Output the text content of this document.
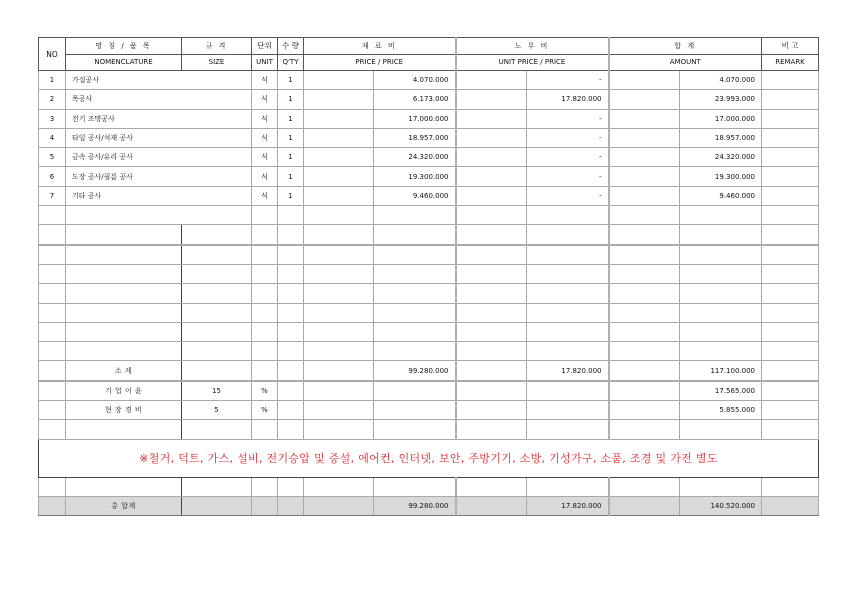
NO	명 칭 / 품 목	규 격	단위	수 량	재 료 비		노 무 비		합 계		비 고
	NOMENCLATURE	SIZE	UNIT	Q'TY	PRICE / PRICE		UNIT PRICE / PRICE		AMOUNT		REMARK
1	가설공사		식	1		4.070.000		-		4.070.000	
2	목공사		식	1		6.173.000		17.820.000		23.993.000	
3	전기 조명공사		식	1		17.000.000		-		17.000.000	
4	타일 공사/석재 공사		식	1		18.957.000		-		18.957.000	
5	금속 공사/유리 공사		식	1		24.320.000		-		24.320.000	
6	도장 공사/필름 공사		식	1		19.300.000		-		19.300.000	
7	기타 공사		식	1		9.460.000		-		9.460.000	

	소 계					99.280.000		17.820.000		117.100.000	
	기 업 이 윤	15	%							17.565.000	
	현 장 경 비	5	%							5.855.000	

※철거, 덕트, 가스, 설비, 전기승압 및 증설, 에어컨, 인터넷, 보안, 주방기기, 소방, 기성가구, 소품, 조경 및 가전 별도											

	총 합계					99.280.000		17.820.000		140.520.000	
